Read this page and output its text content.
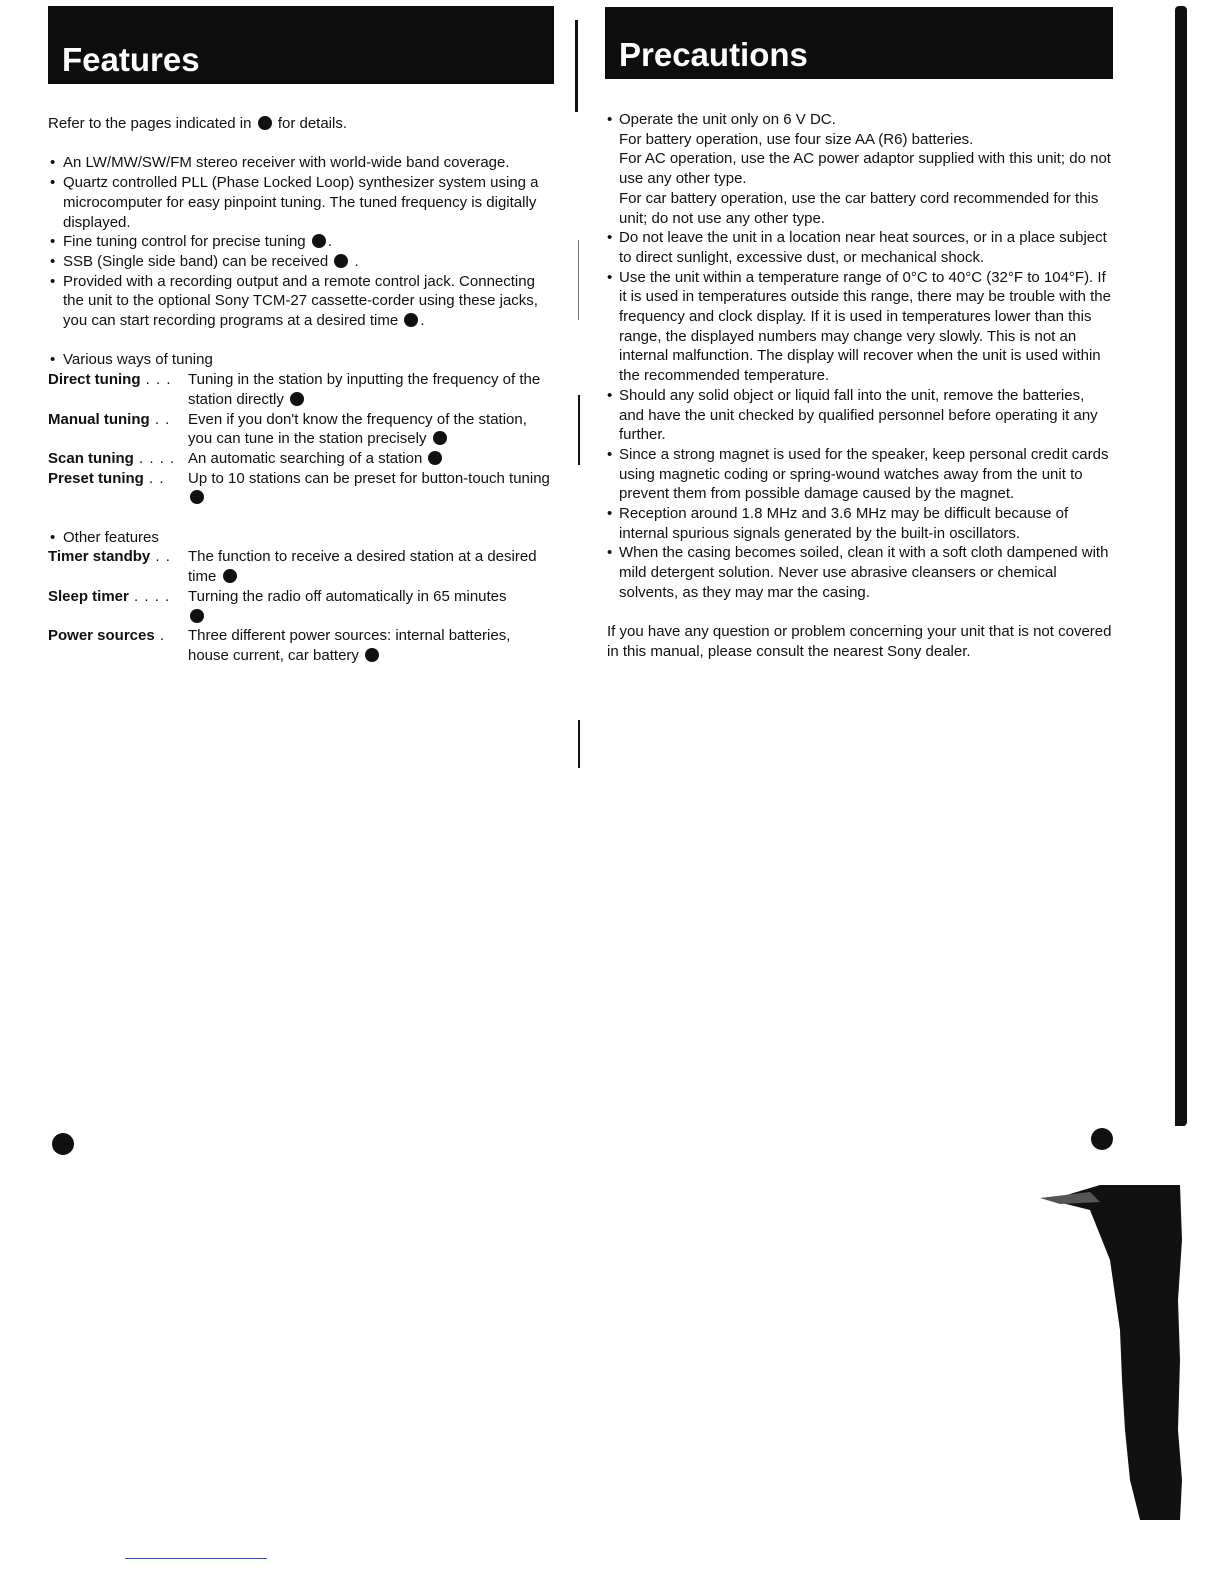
Features	Precautions

Refer to the pages indicated in for details.

• An LW/MW/SW/FM stereo receiver with world-wide band coverage.
• Quartz controlled PLL (Phase Locked Loop) synthesizer system using a microcomputer for easy pinpoint tuning. The tuned frequency is digitally displayed.
• Fine tuning control for precise tuning .
• SSB (Single side band) can be received  .
• Provided with a recording output and a remote control jack. Connecting the unit to the optional Sony TCM-27 cassette-corder using these jacks, you can start recording programs at a desired time .
• Various ways of tuning
Direct tuning . . .	Tuning in the station by inputting the frequency of the station directly
Manual tuning . .	Even if you don't know the frequency of the station, you can tune in the station precisely
Scan tuning . . . . An automatic searching of a station
Preset tuning . .	Up to 10 stations can be preset for button-touch tuning
• Other features
Timer standby . .	The function to receive a desired station at a desired time
Sleep timer . . . .	Turning the radio off automatically in 65 minutes

Power sources .	Three different power sources: internal batteries, house current, car battery
• Operate the unit only on 6 V DC.
For battery operation, use four size AA (R6) batteries.
For AC operation, use the AC power adaptor supplied with this unit; do not use any other type.
For car battery operation, use the car battery cord recommended for this unit; do not use any other type.
• Do not leave the unit in a location near heat sources, or in a place subject to direct sunlight, excessive dust, or mechanical shock.
• Use the unit within a temperature range of 0°C to 40°C (32°F to 104°F). If it is used in temperatures outside this range, there may be trouble with the frequency and clock display. If it is used in temperatures lower than this range, the displayed numbers may change very slowly. This is not an internal malfunction. The display will recover when the unit is used within the recommended temperature.
• Should any solid object or liquid fall into the unit, remove the batteries, and have the unit checked by qualified personnel before operating it any further.
• Since a strong magnet is used for the speaker, keep personal credit cards using magnetic coding or spring-wound watches away from the unit to prevent them from possible damage caused by the magnet.
• Reception around 1.8 MHz and 3.6 MHz may be difficult because of internal spurious signals generated by the built-in oscillators.
• When the casing becomes soiled, clean it with a soft cloth dampened with mild detergent solution. Never use abrasive cleansers or chemical solvents, as they may mar the casing.

If you have any question or problem concerning your unit that is not covered in this manual, please consult the nearest Sony dealer.
